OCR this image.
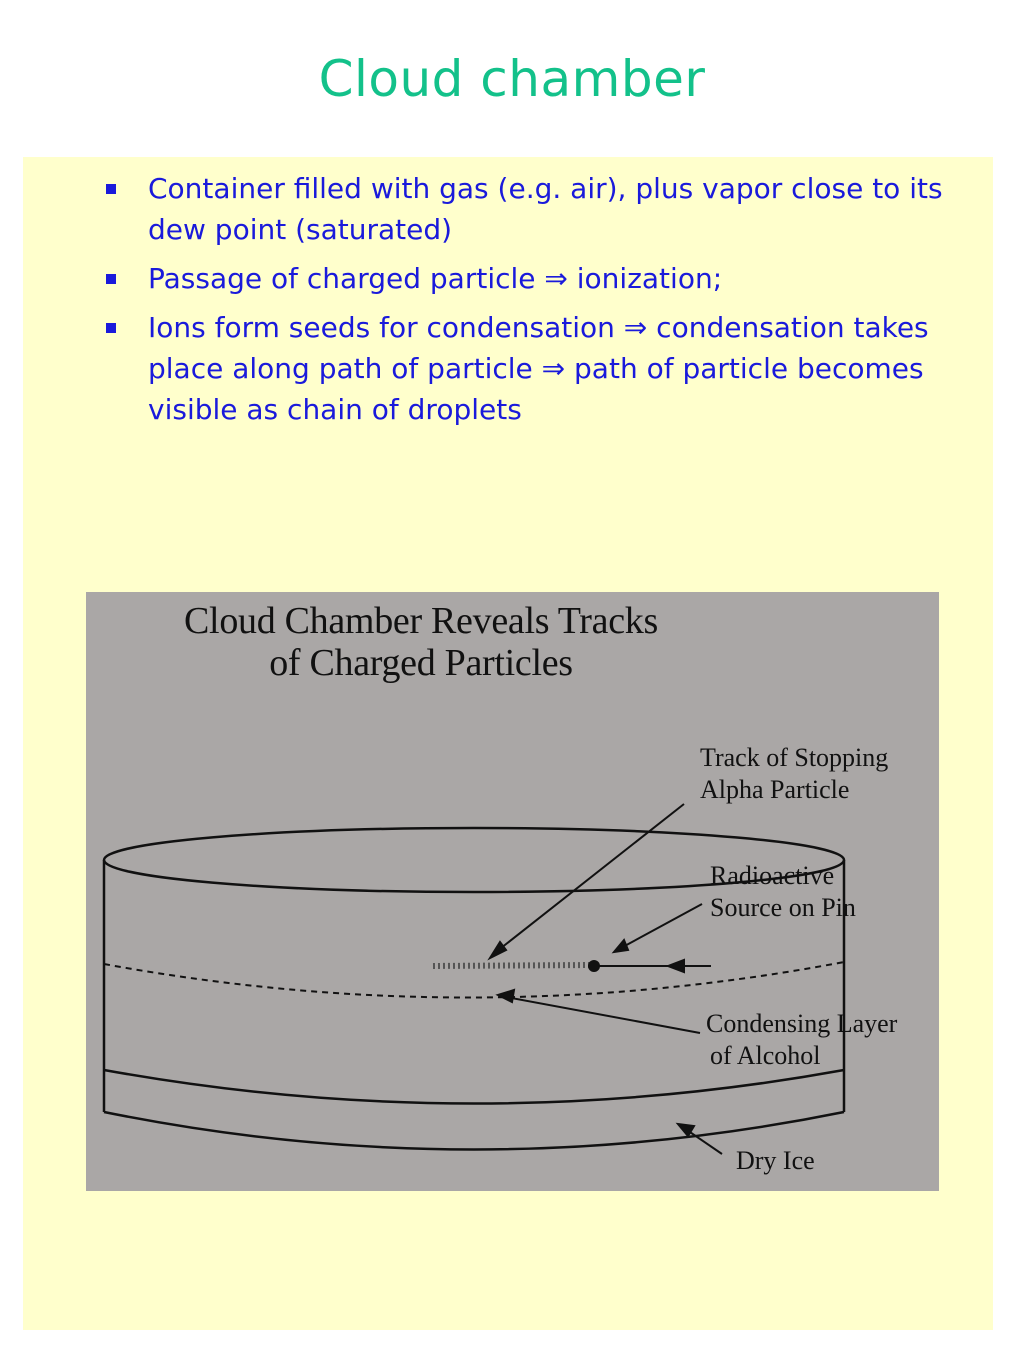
Cloud chamber
Container filled with gas (e.g. air), plus vapor close to its dew point (saturated)
Passage of charged particle ⇒ ionization;
Ions form seeds for condensation ⇒ condensation takes place along path of particle ⇒ path of particle becomes visible as chain of droplets
Cloud Chamber Reveals Tracks
of Charged Particles
Track of Stopping
Alpha Particle
Radioactive
Source on Pin
Condensing Layer
of Alcohol
Dry Ice
